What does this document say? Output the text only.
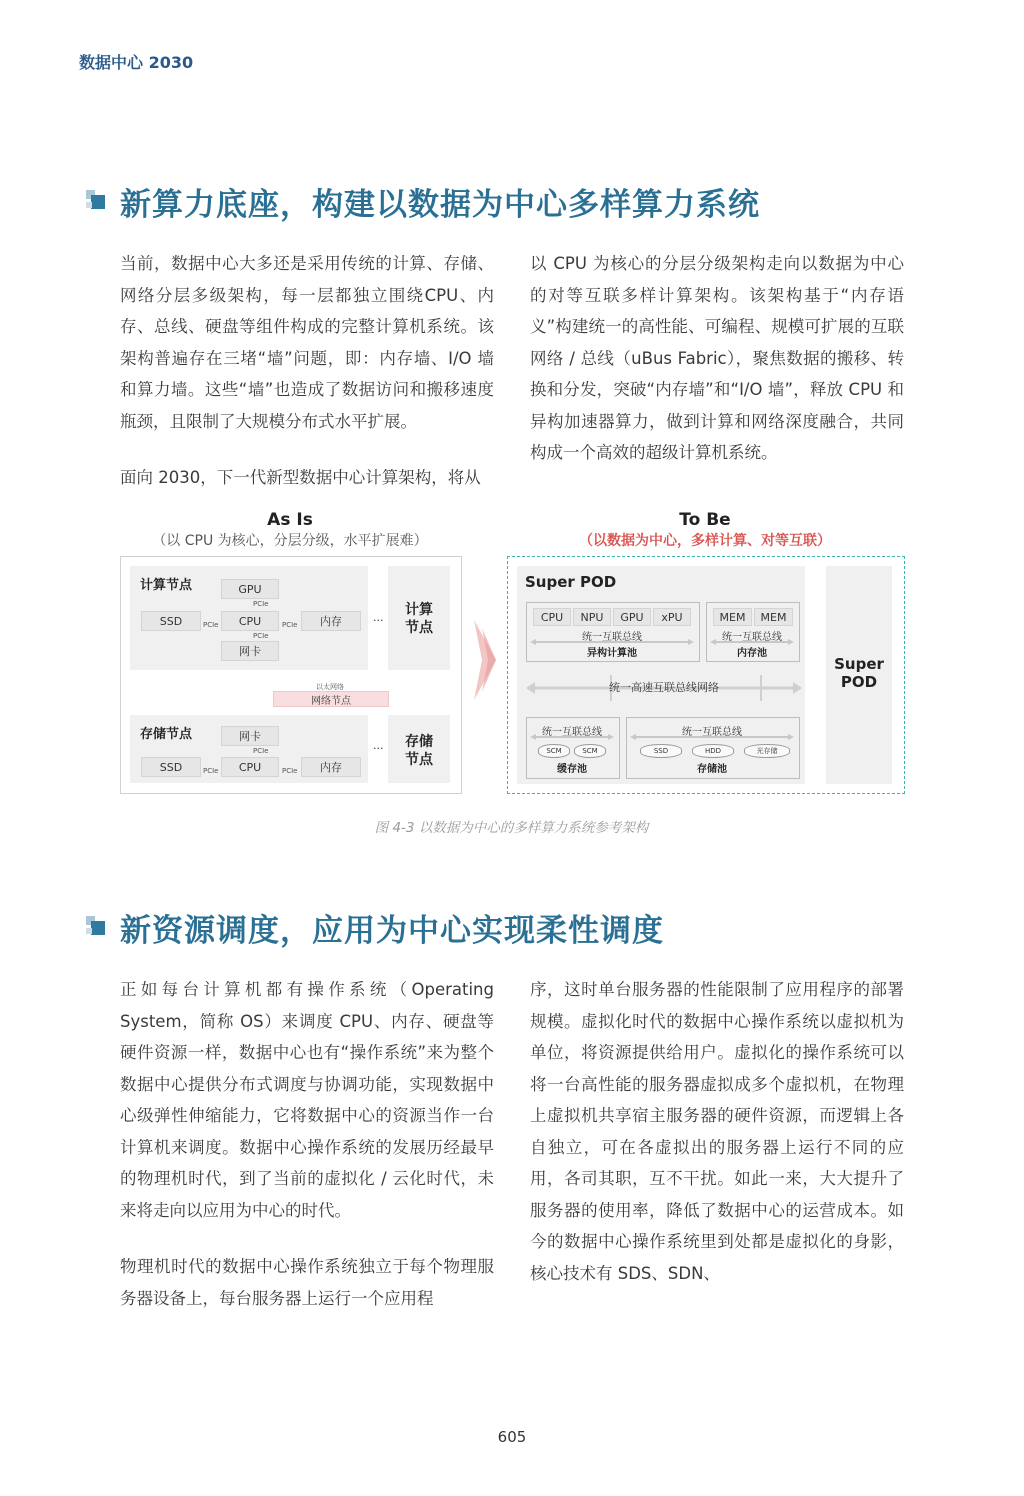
数据中心 2030
新算力底座，构建以数据为中心多样算力系统

当前，数据中心大多还是采用传统的计算、存储、网络分层多级架构，每一层都独立围绕CPU、内存、总线、硬盘等组件构成的完整计算机系统。该架构普遍存在三堵“墙”问题，即：内存墙、I/O 墙和算力墙。这些“墙”也造成了数据访问和搬移速度瓶颈，且限制了大规模分布式水平扩展。

面向 2030，下一代新型数据中心计算架构，将从

以 CPU 为核心的分层分级架构走向以数据为中心的对等互联多样计算架构。该架构基于“内存语义”构建统一的高性能、可编程、规模可扩展的互联网络 / 总线（uBus Fabric），聚焦数据的搬移、转换和分发，突破“内存墙”和“I/O 墙”，释放 CPU 和异构加速器算力，做到计算和网络深度融合，共同构成一个高效的超级计算机系统。

As Is
（以 CPU 为核心，分层分级，水平扩展难）
计算节点	GPU
PCIe
SSD	PCIe	CPU	PCIe	内存
PCIe
网卡
···
计算
节点
以太网络
网络节点
存储节点	网卡
PCIe
SSD	PCIe	CPU	PCIe	内存
···	存储
节点
To Be
（以数据为中心，多样计算、对等互联）
Super POD
CPU	NPU	GPU	xPU
统一互联总线
异构计算池
MEM	MEM
统一互联总线
内存池
统一高速互联总线网络
统一互联总线
SCM	SCM
缓存池
统一互联总线
SSD	HDD	光存储
存储池
Super
POD
图 4-3 以数据为中心的多样算力系统参考架构
新资源调度，应用为中心实现柔性调度

正如每台计算机都有操作系统（Operating System，简称 OS）来调度 CPU、内存、硬盘等硬件资源一样，数据中心也有“操作系统”来为整个数据中心提供分布式调度与协调功能，实现数据中心级弹性伸缩能力，它将数据中心的资源当作一台计算机来调度。数据中心操作系统的发展历经最早的物理机时代，到了当前的虚拟化 / 云化时代，未来将走向以应用为中心的时代。

物理机时代的数据中心操作系统独立于每个物理服务器设备上，每台服务器上运行一个应用程

序，这时单台服务器的性能限制了应用程序的部署规模。虚拟化时代的数据中心操作系统以虚拟机为单位，将资源提供给用户。虚拟化的操作系统可以将一台高性能的服务器虚拟成多个虚拟机，在物理上虚拟机共享宿主服务器的硬件资源，而逻辑上各自独立，可在各虚拟出的服务器上运行不同的应用，各司其职，互不干扰。如此一来，大大提升了服务器的使用率，降低了数据中心的运营成本。如今的数据中心操作系统里到处都是虚拟化的身影，核心技术有 SDS、SDN、

605
